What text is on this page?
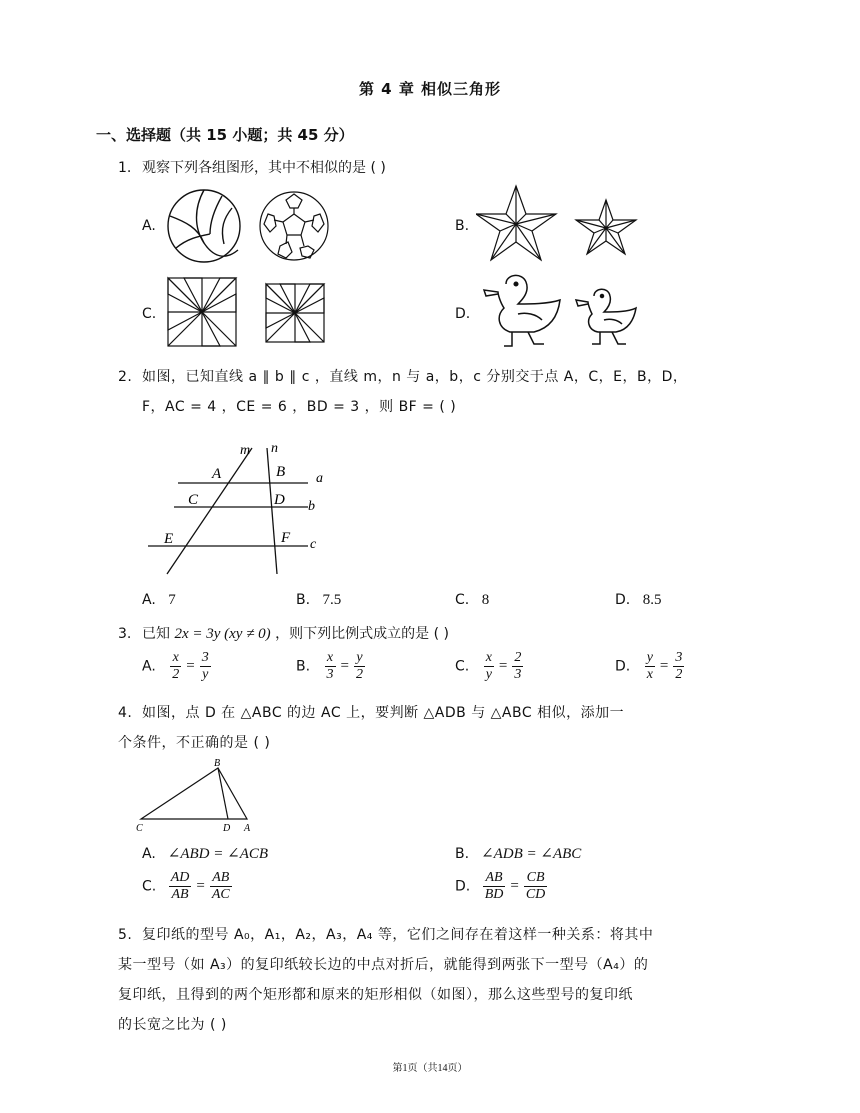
第 4 章 相似三角形
一、选择题（共 15 小题；共 45 分）
1. 观察下列各组图形，其中不相似的是 ( )
A.	B.
C.	D.
2. 如图，已知直线 a ∥ b ∥ c ，直线 m，n 与 a，b，c 分别交于点 A，C，E，B，D，
F，AC = 4 ，CE = 6 ，BD = 3 ，则 BF = ( )
m n
A	B a
C	D b
E	F c
A. 7	B. 7.5	C. 8	D. 8.5
3. 已知 2x = 3y (xy ≠ 0) ，则下列比例式成立的是 ( )
A. $\frac{x}{2} = \frac{3}{y}$	B. $\frac{x}{3} = \frac{y}{2}$	C. $\frac{x}{y} = \frac{2}{3}$	D. $\frac{y}{x} = \frac{3}{2}$
4. 如图，点 D 在 △ABC 的边 AC 上，要判断 △ADB 与 △ABC 相似，添加一
个条件，不正确的是 ( )
B
C	D A
A. ∠ABD = ∠ACB	B. ∠ADB = ∠ABC
C. $\frac{AD}{AB} = \frac{AB}{AC}$	D. $\frac{AB}{BD} = \frac{CB}{CD}$
5. 复印纸的型号 A₀，A₁，A₂，A₃，A₄ 等，它们之间存在着这样一种关系：将其中
某一型号（如 A₃）的复印纸较长边的中点对折后，就能得到两张下一型号（A₄）的
复印纸，且得到的两个矩形都和原来的矩形相似（如图），那么这些型号的复印纸
的长宽之比为 ( )
第1页（共14页）
